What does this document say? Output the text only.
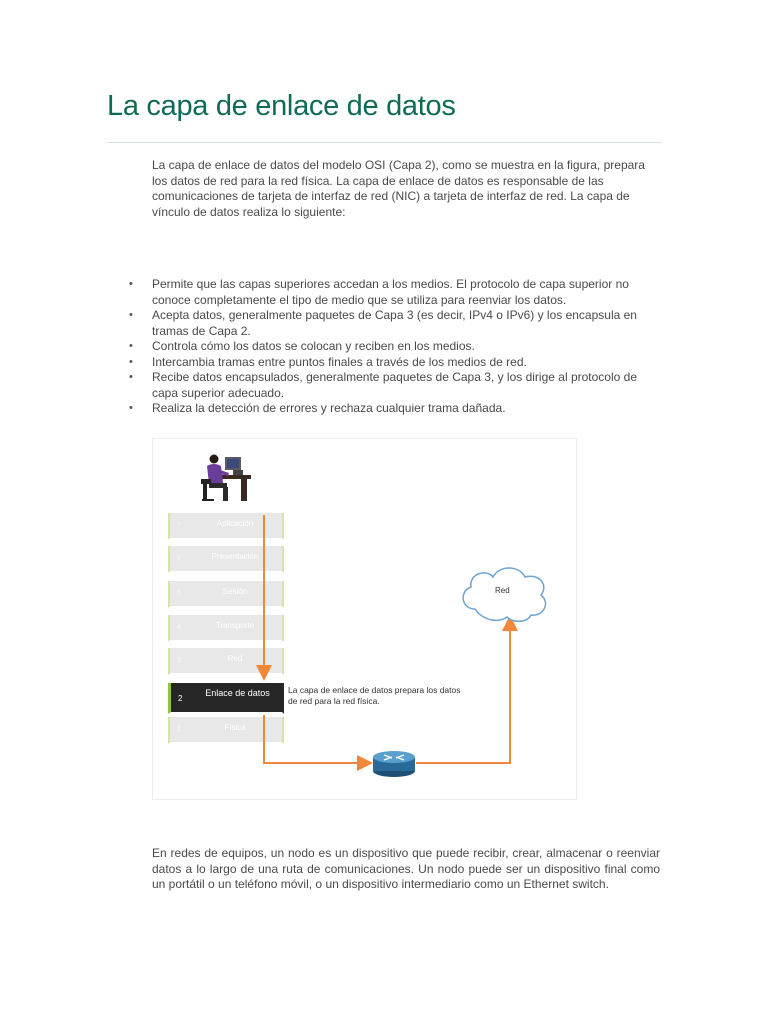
La capa de enlace de datos

La capa de enlace de datos del modelo OSI (Capa 2), como se muestra en la figura, prepara los datos de red para la red física. La capa de enlace de datos es responsable de las comunicaciones de tarjeta de interfaz de red (NIC) a tarjeta de interfaz de red. La capa de vínculo de datos realiza lo siguiente:

• Permite que las capas superiores accedan a los medios. El protocolo de capa superior no conoce completamente el tipo de medio que se utiliza para reenviar los datos.
• Acepta datos, generalmente paquetes de Capa 3 (es decir, IPv4 o IPv6) y los encapsula en tramas de Capa 2.
• Controla cómo los datos se colocan y reciben en los medios.
• Intercambia tramas entre puntos finales a través de los medios de red.
• Recibe datos encapsulados, generalmente paquetes de Capa 3, y los dirige al protocolo de capa superior adecuado.
• Realiza la detección de errores y rechaza cualquier trama dañada.
7	Aplicación
6	Presentación
5	Sesión
4	Transporte
3	Red
2
Enlace de datos
1	Física
Red
La capa de enlace de datos prepara los datos de red para la red física.

En redes de equipos, un nodo es un dispositivo que puede recibir, crear, almacenar o reenviar datos a lo largo de una ruta de comunicaciones. Un nodo puede ser un dispositivo final como un portátil o un teléfono móvil, o un dispositivo intermediario como un Ethernet switch.
